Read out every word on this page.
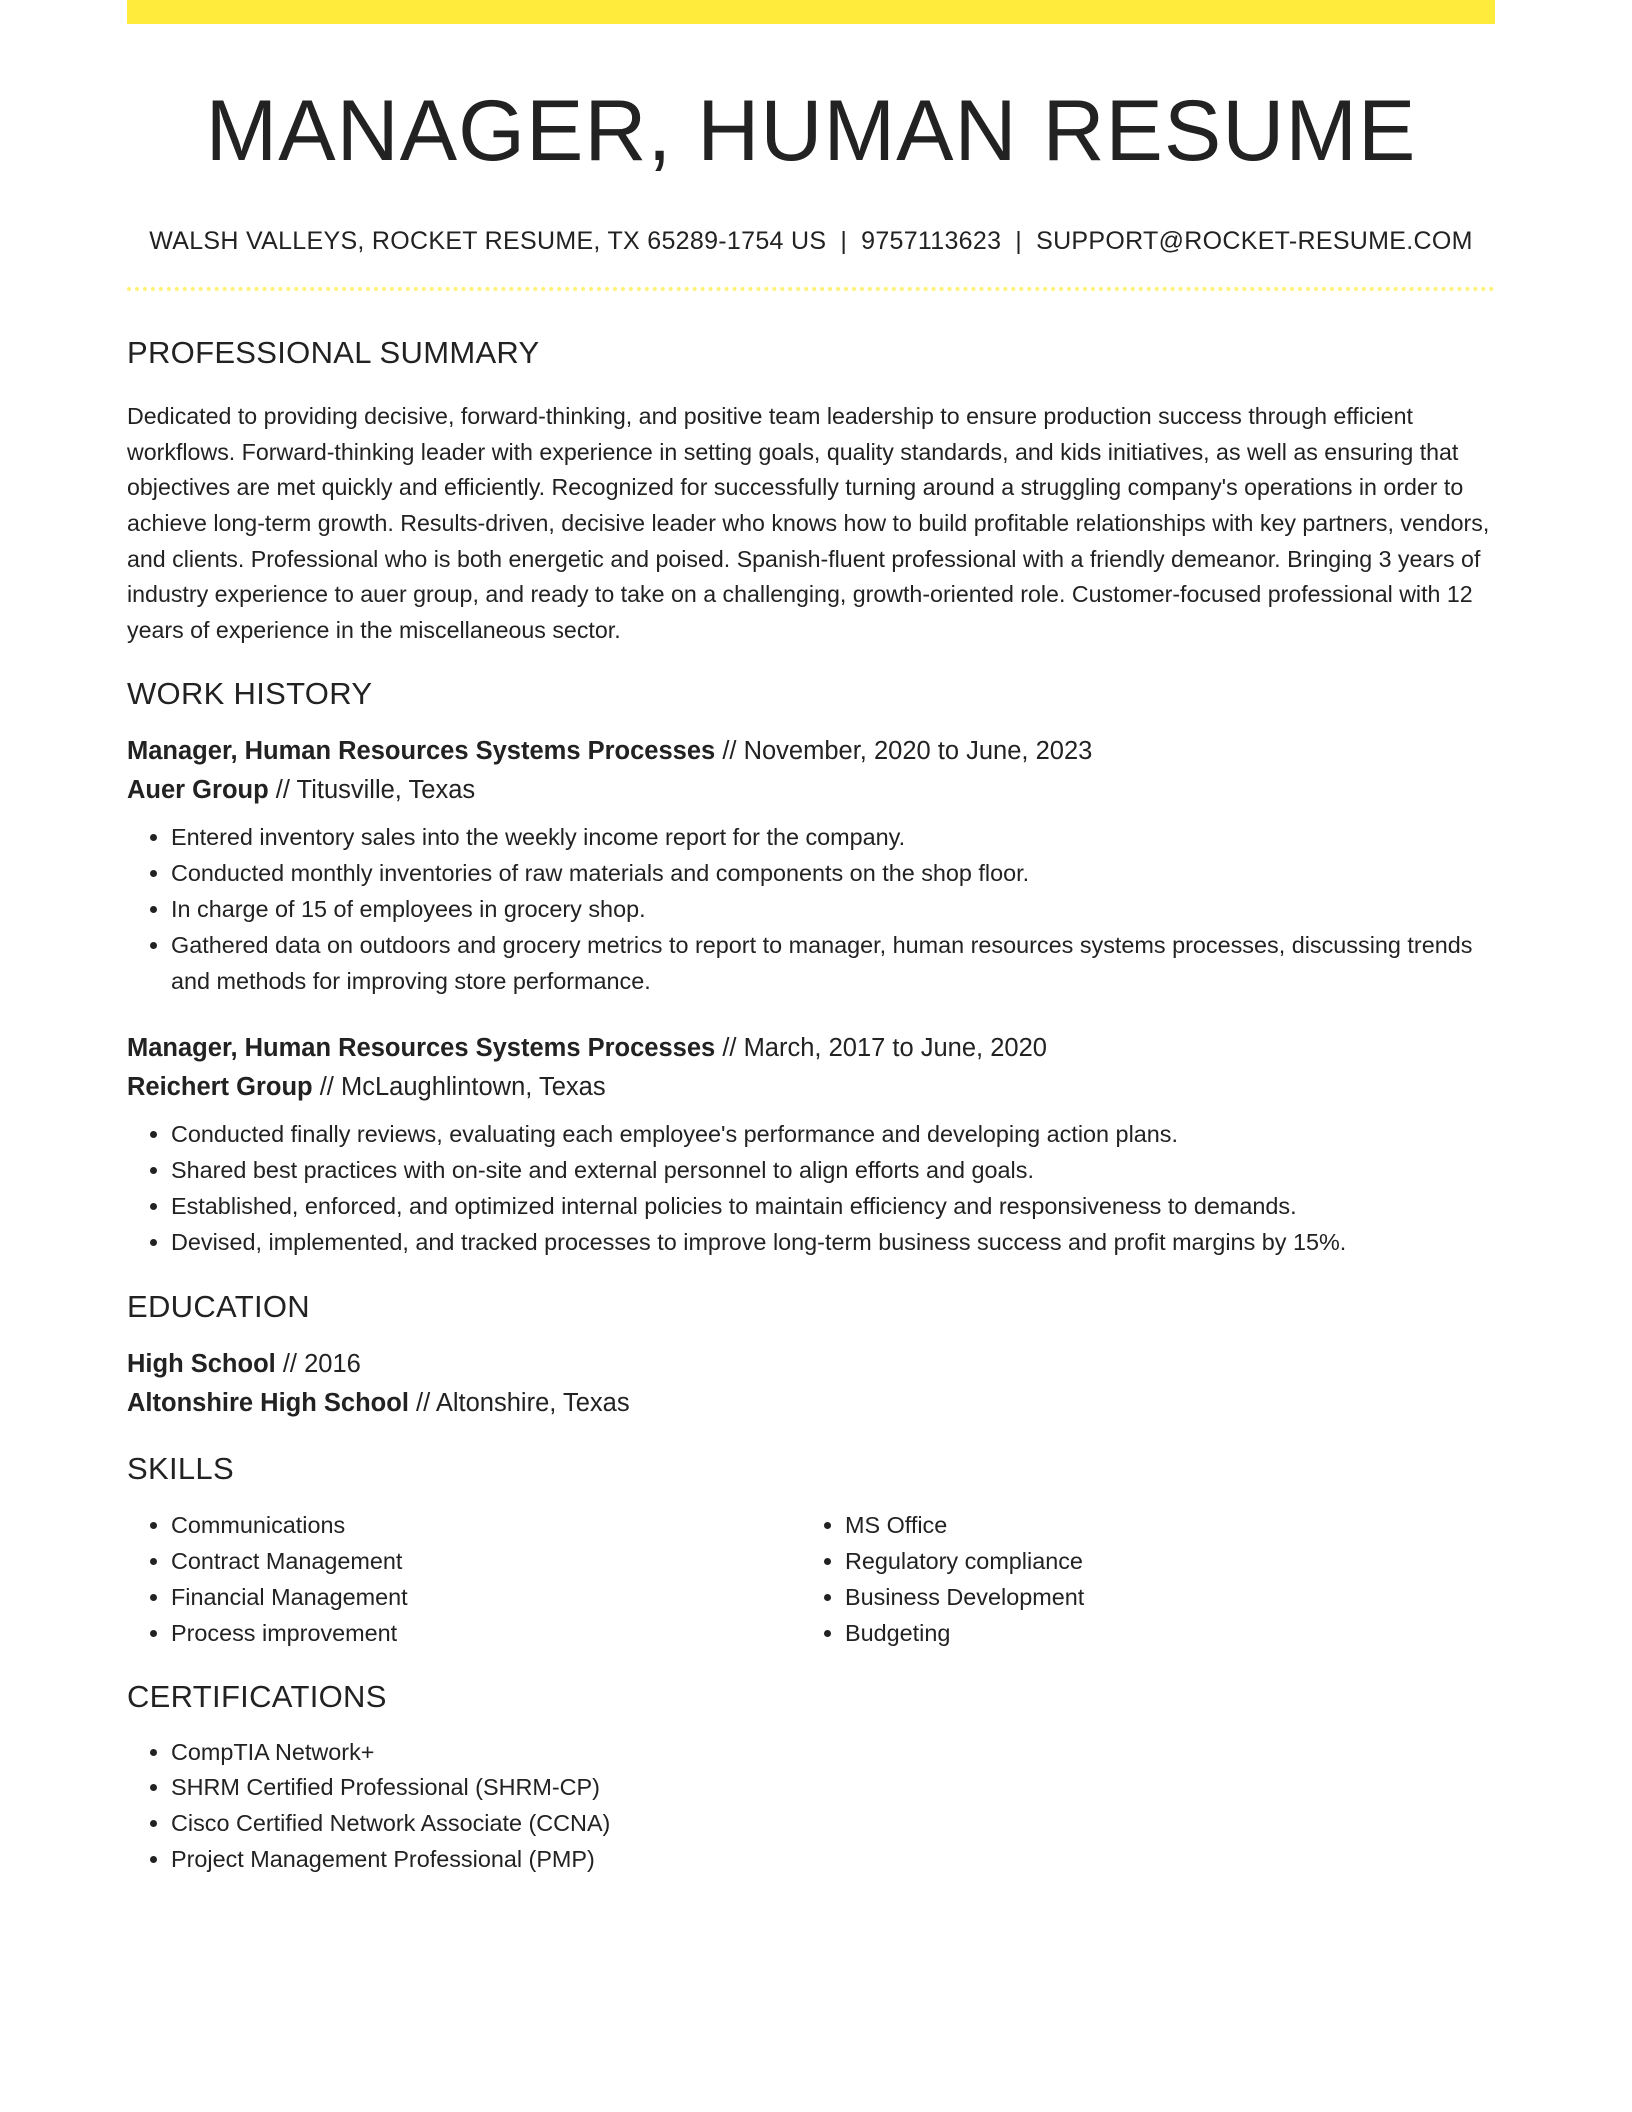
MANAGER, HUMAN RESUME
WALSH VALLEYS, ROCKET RESUME, TX 65289-1754 US | 9757113623 | SUPPORT@ROCKET-RESUME.COM
PROFESSIONAL SUMMARY

Dedicated to providing decisive, forward-thinking, and positive team leadership to ensure production success through efficient workflows. Forward-thinking leader with experience in setting goals, quality standards, and kids initiatives, as well as ensuring that objectives are met quickly and efficiently. Recognized for successfully turning around a struggling company's operations in order to achieve long-term growth. Results-driven, decisive leader who knows how to build profitable relationships with key partners, vendors, and clients. Professional who is both energetic and poised. Spanish-fluent professional with a friendly demeanor. Bringing 3 years of industry experience to auer group, and ready to take on a challenging, growth-oriented role. Customer-focused professional with 12 years of experience in the miscellaneous sector.

WORK HISTORY
Manager, Human Resources Systems Processes // November, 2020 to June, 2023
Auer Group // Titusville, Texas
• Entered inventory sales into the weekly income report for the company.
• Conducted monthly inventories of raw materials and components on the shop floor.
• In charge of 15 of employees in grocery shop.
• Gathered data on outdoors and grocery metrics to report to manager, human resources systems processes, discussing trends and methods for improving store performance.
Manager, Human Resources Systems Processes // March, 2017 to June, 2020
Reichert Group // McLaughlintown, Texas
• Conducted finally reviews, evaluating each employee's performance and developing action plans.
• Shared best practices with on-site and external personnel to align efforts and goals.
• Established, enforced, and optimized internal policies to maintain efficiency and responsiveness to demands.
• Devised, implemented, and tracked processes to improve long-term business success and profit margins by 15%.
EDUCATION
High School // 2016
Altonshire High School // Altonshire, Texas
SKILLS
• Communications
• Contract Management
• Financial Management
• Process improvement
• MS Office
• Regulatory compliance
• Business Development
• Budgeting
CERTIFICATIONS
• CompTIA Network+
• SHRM Certified Professional (SHRM-CP)
• Cisco Certified Network Associate (CCNA)
• Project Management Professional (PMP)
